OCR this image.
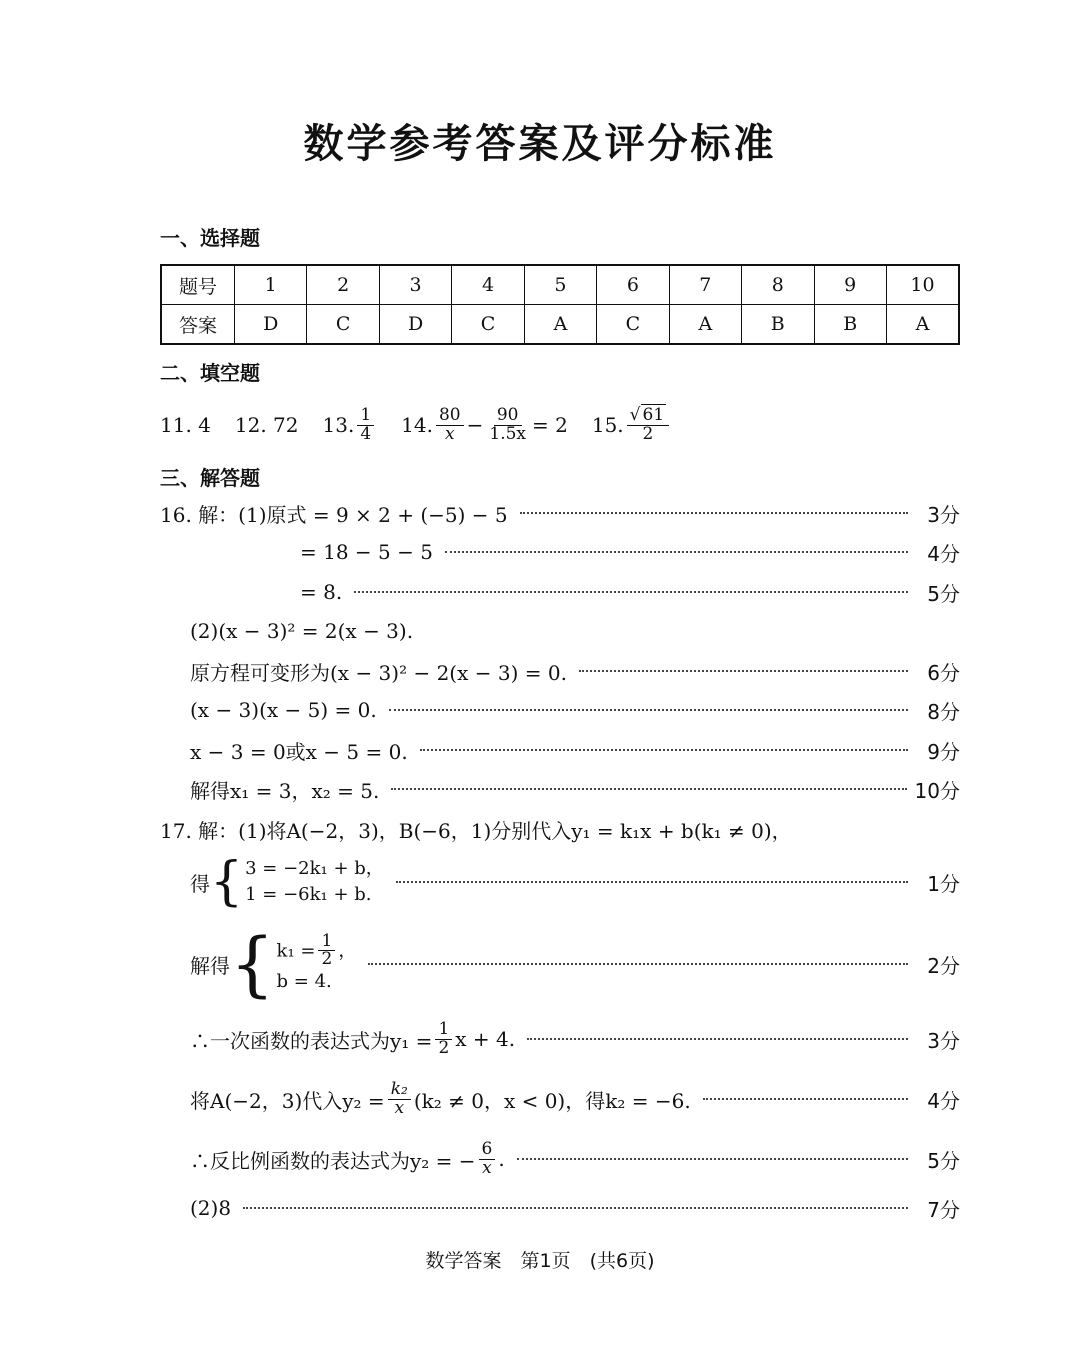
数学参考答案及评分标准
一、选择题
题号	1	2	3	4	5	6	7	8	9	10
答案	D	C	D	C	A	C	A	B	B	A
二、填空题
11. 4 12. 72 13. $\frac{1}{4} 14$. $\frac{80}{x} - \frac{90}{1.5x} = 2$ 15. $\frac{√ 61}{2}$
三、解答题
16. 解：(1)原式 = 9 × 2 + (−5) − 5	3分
= 18 − 5 − 5	4分
= 8.	5分
(2)(x − 3)² = 2(x − 3).
原方程可变形为(x − 3)² − 2(x − 3) = 0.	6分
(x − 3)(x − 5) = 0.	8分
x − 3 = 0或x − 5 = 0.	9分
解得x₁ = 3，x₂ = 5.	10分
17. 解：(1)将A(−2，3)，B(−6，1)分别代入y₁ = k₁x + b(k₁ ≠ 0)，
得 { 3 = −2k₁ + b，
1 = −6k₁ + b.	1分
解得 { $k_1 = \frac{1}{2}$ ，
b = 4.
2分
∴一次函数的表达式为$y_1 = \frac{1}{2}$ x + 4.	3分
将A(−2，3)代入$y_2 = \frac{\text{k₂}}{x} (k_2 \ne 0$，x < 0)，得k₂ = −6.	4分
∴反比例函数的表达式为y₂ = − $\frac{6}{x}$ .	5分
(2)8	7分
数学答案　第1页　(共6页)
